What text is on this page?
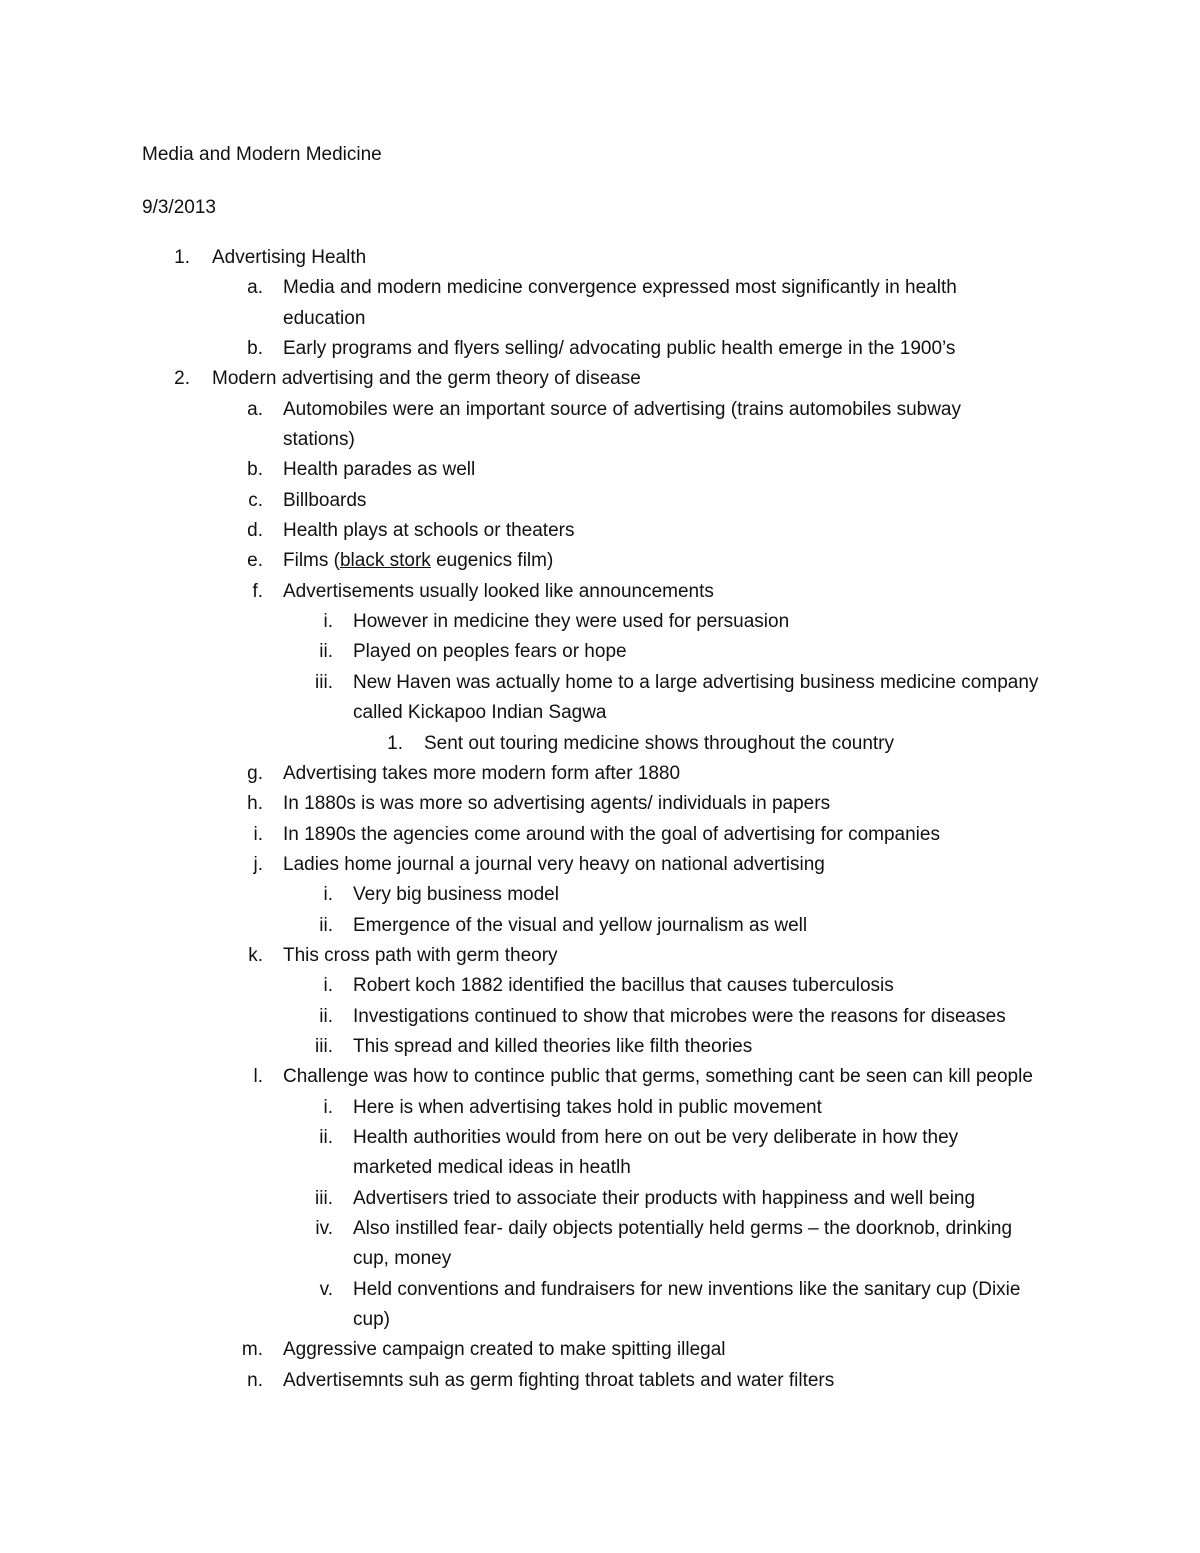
Media and Modern Medicine
9/3/2013
1. Advertising Health
a. Media and modern medicine convergence expressed most significantly in health
education
b. Early programs and flyers selling/ advocating public health emerge in the 1900’s
2. Modern advertising and the germ theory of disease
a. Automobiles were an important source of advertising (trains automobiles subway
stations)
b. Health parades as well
c. Billboards
d. Health plays at schools or theaters
e. Films (black stork eugenics film)
f. Advertisements usually looked like announcements
i. However in medicine they were used for persuasion
ii. Played on peoples fears or hope
iii. New Haven was actually home to a large advertising business medicine company
called Kickapoo Indian Sagwa
1. Sent out touring medicine shows throughout the country
g. Advertising takes more modern form after 1880
h. In 1880s is was more so advertising agents/ individuals in papers
i. In 1890s the agencies come around with the goal of advertising for companies
j. Ladies home journal a journal very heavy on national advertising
i. Very big business model
ii. Emergence of the visual and yellow journalism as well
k. This cross path with germ theory
i. Robert koch 1882 identified the bacillus that causes tuberculosis
ii. Investigations continued to show that microbes were the reasons for diseases
iii. This spread and killed theories like filth theories
l. Challenge was how to contince public that germs, something cant be seen can kill people
i. Here is when advertising takes hold in public movement
ii. Health authorities would from here on out be very deliberate in how they
marketed medical ideas in heatlh
iii. Advertisers tried to associate their products with happiness and well being
iv. Also instilled fear- daily objects potentially held germs – the doorknob, drinking
cup, money
v. Held conventions and fundraisers for new inventions like the sanitary cup (Dixie
cup)
m. Aggressive campaign created to make spitting illegal
n. Advertisemnts suh as germ fighting throat tablets and water filters
